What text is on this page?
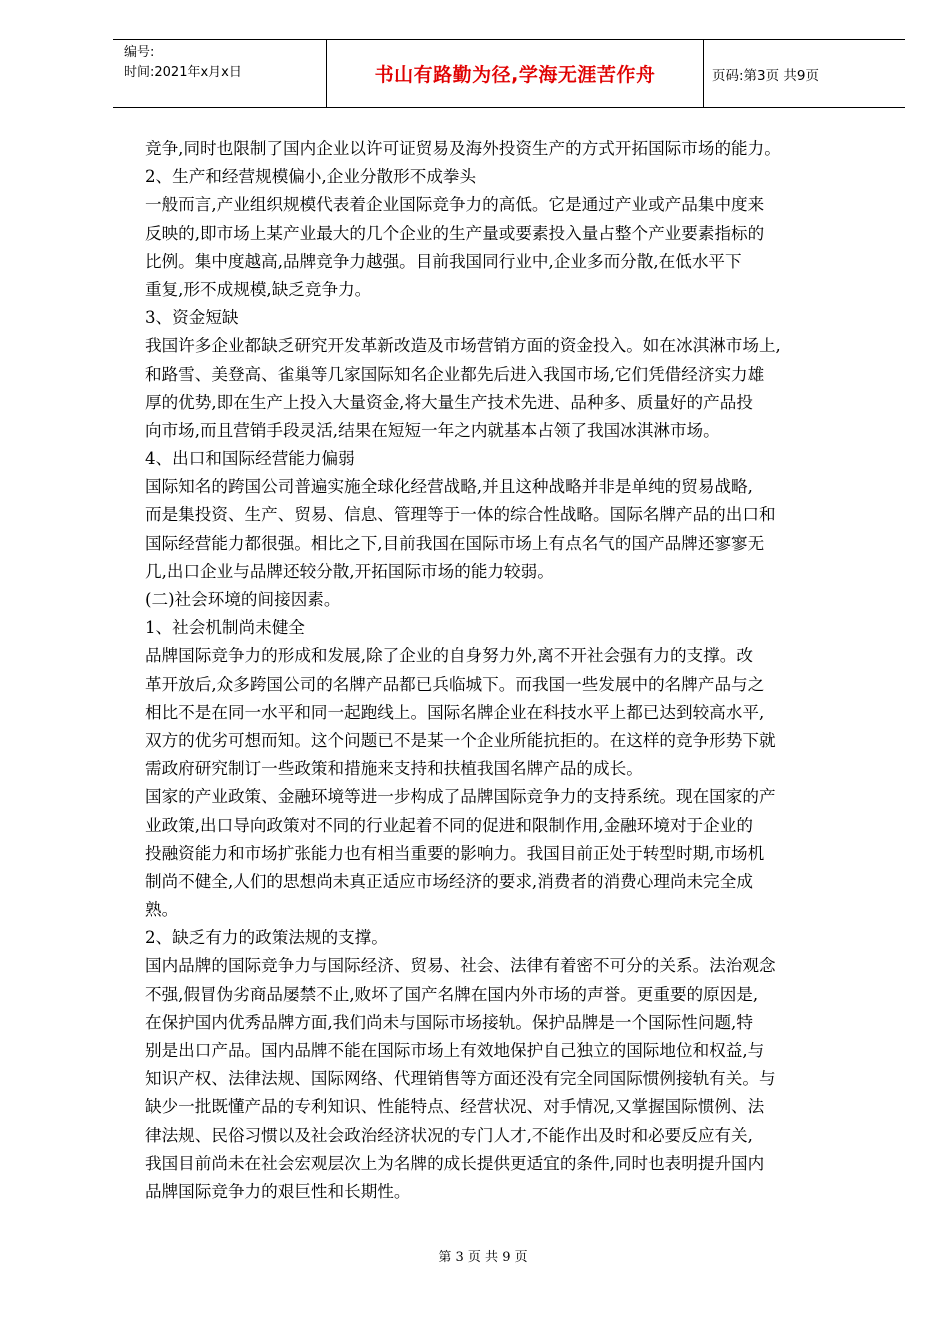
编号:
时间:2021年x月x日	书山有路勤为径,学海无涯苦作舟	页码:第3页 共9页
竞争,同时也限制了国内企业以许可证贸易及海外投资生产的方式开拓国际市场的能力。
2、生产和经营规模偏小,企业分散形不成拳头
一般而言,产业组织规模代表着企业国际竞争力的高低。它是通过产业或产品集中度来
反映的,即市场上某产业最大的几个企业的生产量或要素投入量占整个产业要素指标的
比例。集中度越高,品牌竞争力越强。目前我国同行业中,企业多而分散,在低水平下
重复,形不成规模,缺乏竞争力。
3、资金短缺
我国许多企业都缺乏研究开发革新改造及市场营销方面的资金投入。如在冰淇淋市场上,
和路雪、美登高、雀巢等几家国际知名企业都先后进入我国市场,它们凭借经济实力雄
厚的优势,即在生产上投入大量资金,将大量生产技术先进、品种多、质量好的产品投
向市场,而且营销手段灵活,结果在短短一年之内就基本占领了我国冰淇淋市场。
4、出口和国际经营能力偏弱
国际知名的跨国公司普遍实施全球化经营战略,并且这种战略并非是单纯的贸易战略,
而是集投资、生产、贸易、信息、管理等于一体的综合性战略。国际名牌产品的出口和
国际经营能力都很强。相比之下,目前我国在国际市场上有点名气的国产品牌还寥寥无
几,出口企业与品牌还较分散,开拓国际市场的能力较弱。
(二)社会环境的间接因素。
1、社会机制尚未健全
品牌国际竞争力的形成和发展,除了企业的自身努力外,离不开社会强有力的支撑。改
革开放后,众多跨国公司的名牌产品都已兵临城下。而我国一些发展中的名牌产品与之
相比不是在同一水平和同一起跑线上。国际名牌企业在科技水平上都已达到较高水平,
双方的优劣可想而知。这个问题已不是某一个企业所能抗拒的。在这样的竞争形势下就
需政府研究制订一些政策和措施来支持和扶植我国名牌产品的成长。
国家的产业政策、金融环境等进一步构成了品牌国际竞争力的支持系统。现在国家的产
业政策,出口导向政策对不同的行业起着不同的促进和限制作用,金融环境对于企业的
投融资能力和市场扩张能力也有相当重要的影响力。我国目前正处于转型时期,市场机
制尚不健全,人们的思想尚未真正适应市场经济的要求,消费者的消费心理尚未完全成
熟。
2、缺乏有力的政策法规的支撑。
国内品牌的国际竞争力与国际经济、贸易、社会、法律有着密不可分的关系。法治观念
不强,假冒伪劣商品屡禁不止,败坏了国产名牌在国内外市场的声誉。更重要的原因是,
在保护国内优秀品牌方面,我们尚未与国际市场接轨。保护品牌是一个国际性问题,特
别是出口产品。国内品牌不能在国际市场上有效地保护自己独立的国际地位和权益,与
知识产权、法律法规、国际网络、代理销售等方面还没有完全同国际惯例接轨有关。与
缺少一批既懂产品的专利知识、性能特点、经营状况、对手情况,又掌握国际惯例、法
律法规、民俗习惯以及社会政治经济状况的专门人才,不能作出及时和必要反应有关,
我国目前尚未在社会宏观层次上为名牌的成长提供更适宜的条件,同时也表明提升国内
品牌国际竞争力的艰巨性和长期性。
第 3 页 共 9 页
